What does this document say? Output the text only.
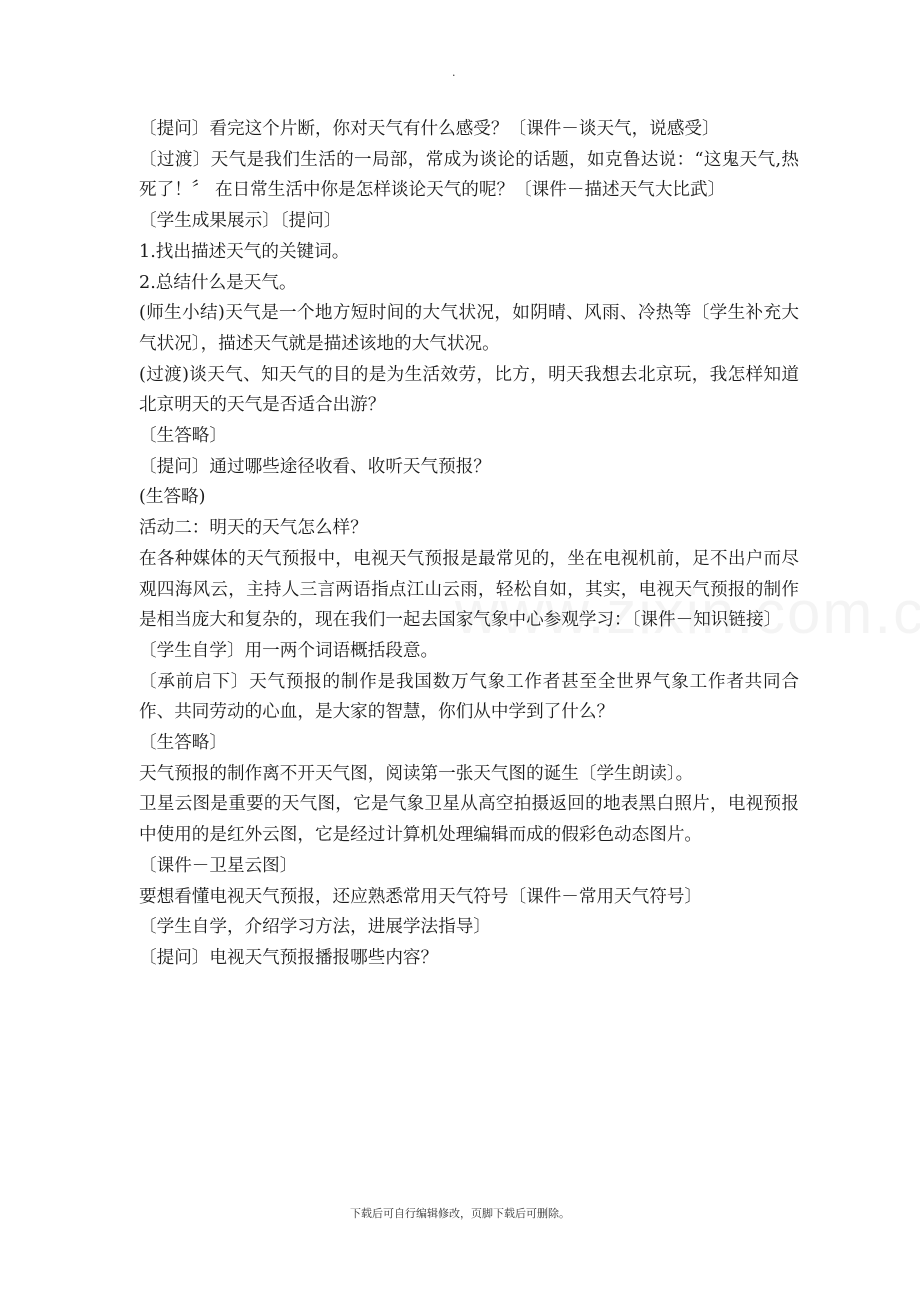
.

〔提问〕看完这个片断，你对天气有什么感受？〔课件－谈天气，说感受〕

〔过渡〕天气是我们生活的一局部，常成为谈论的话题，如克鲁达说：“这鬼天气,热死了！〞 在日常生活中你是怎样谈论天气的呢？〔课件－描述天气大比武〕

〔学生成果展示〕〔提问〕

1.找出描述天气的关键词。

2.总结什么是天气。

(师生小结)天气是一个地方短时间的大气状况，如阴晴、风雨、冷热等〔学生补充大气状况〕，描述天气就是描述该地的大气状况。

(过渡)谈天气、知天气的目的是为生活效劳，比方，明天我想去北京玩，我怎样知道北京明天的天气是否适合出游？

〔生答略〕

〔提问〕通过哪些途径收看、收听天气预报？

(生答略)

活动二：明天的天气怎么样？

在各种媒体的天气预报中，电视天气预报是最常见的，坐在电视机前，足不出户而尽观四海风云，主持人三言两语指点江山云雨，轻松自如，其实，电视天气预报的制作是相当庞大和复杂的，现在我们一起去国家气象中心参观学习：〔课件－知识链接〕

〔学生自学〕用一两个词语概括段意。

〔承前启下〕天气预报的制作是我国数万气象工作者甚至全世界气象工作者共同合作、共同劳动的心血，是大家的智慧，你们从中学到了什么？

〔生答略〕

天气预报的制作离不开天气图，阅读第一张天气图的诞生〔学生朗读〕。

卫星云图是重要的天气图，它是气象卫星从高空拍摄返回的地表黑白照片，电视预报中使用的是红外云图，它是经过计算机处理编辑而成的假彩色动态图片。

〔课件－卫星云图〕

要想看懂电视天气预报，还应熟悉常用天气符号〔课件－常用天气符号〕

〔学生自学，介绍学习方法，进展学法指导〕

〔提问〕电视天气预报播报哪些内容？

下载后可自行编辑修改，页脚下载后可删除。
